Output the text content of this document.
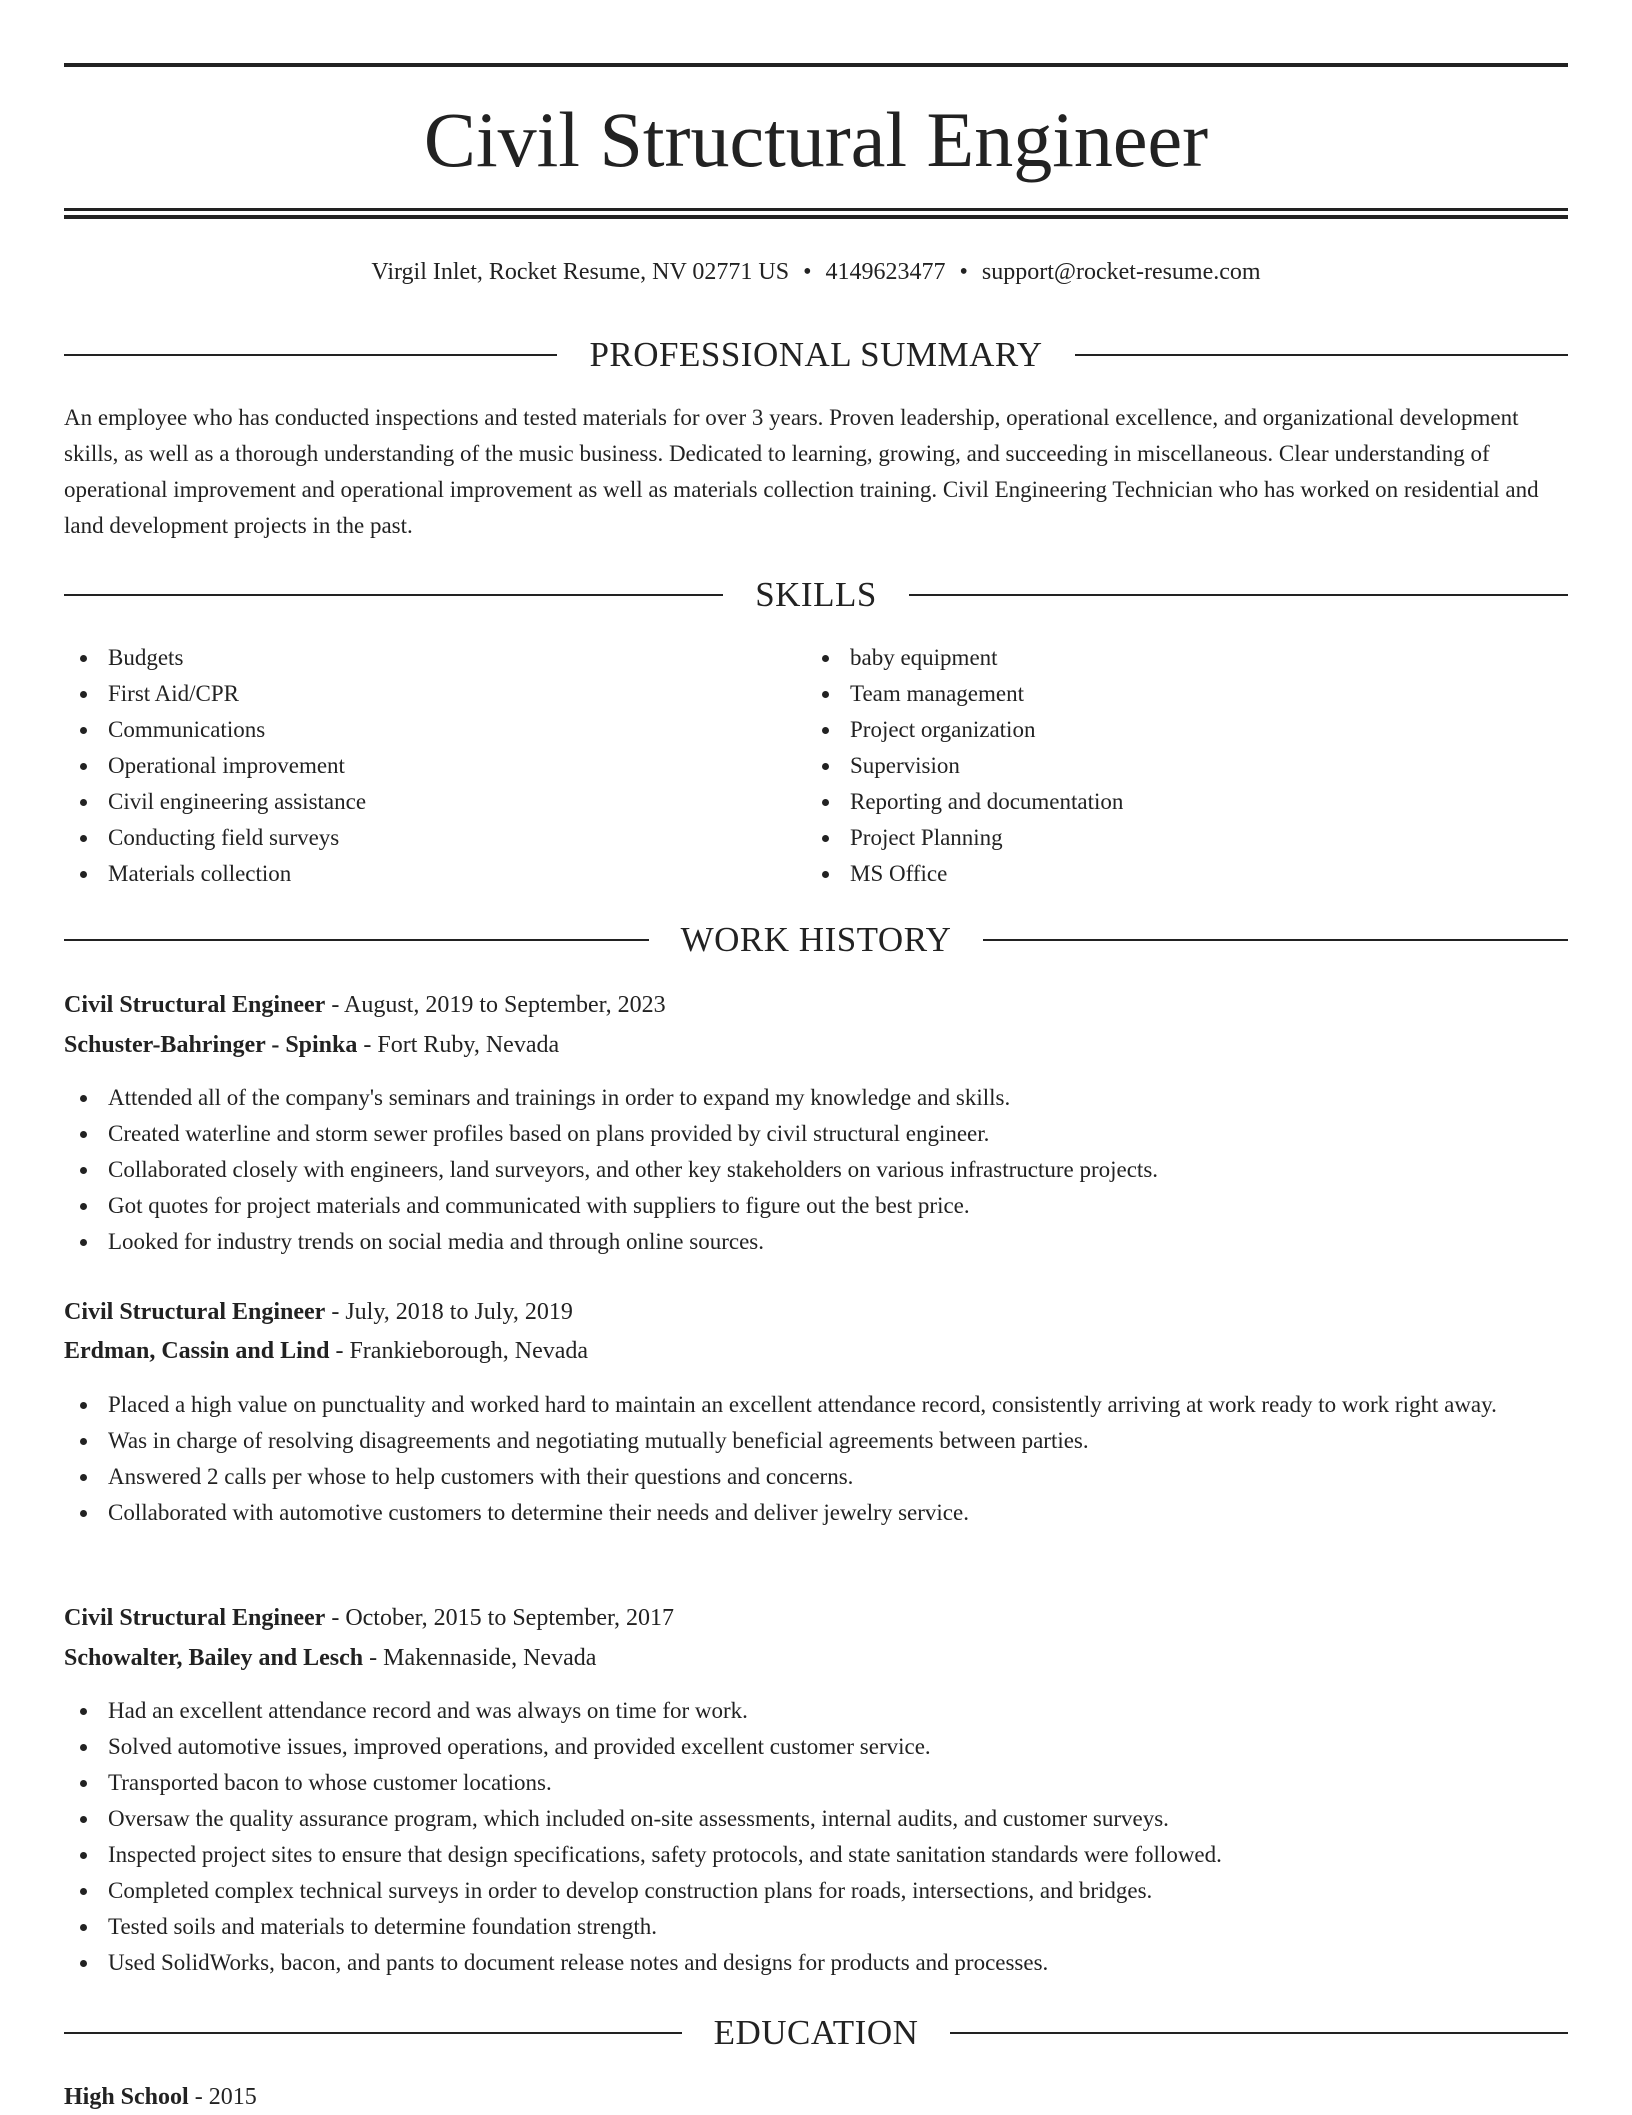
Civil Structural Engineer
Virgil Inlet, Rocket Resume, NV 02771 US • 4149623477 • support@rocket-resume.com
PROFESSIONAL SUMMARY

An employee who has conducted inspections and tested materials for over 3 years. Proven leadership, operational excellence, and organizational development skills, as well as a thorough understanding of the music business. Dedicated to learning, growing, and succeeding in miscellaneous. Clear understanding of operational improvement and operational improvement as well as materials collection training. Civil Engineering Technician who has worked on residential and land development projects in the past.

SKILLS
Budgets
First Aid/CPR
Communications
Operational improvement
Civil engineering assistance
Conducting field surveys
Materials collection
baby equipment
Team management
Project organization
Supervision
Reporting and documentation
Project Planning
MS Office
WORK HISTORY
Civil Structural Engineer - August, 2019 to September, 2023
Schuster-Bahringer - Spinka - Fort Ruby, Nevada
Attended all of the company's seminars and trainings in order to expand my knowledge and skills.
Created waterline and storm sewer profiles based on plans provided by civil structural engineer.
Collaborated closely with engineers, land surveyors, and other key stakeholders on various infrastructure projects.
Got quotes for project materials and communicated with suppliers to figure out the best price.
Looked for industry trends on social media and through online sources.
Civil Structural Engineer - July, 2018 to July, 2019
Erdman, Cassin and Lind - Frankieborough, Nevada
Placed a high value on punctuality and worked hard to maintain an excellent attendance record, consistently arriving at work ready to work right away.
Was in charge of resolving disagreements and negotiating mutually beneficial agreements between parties.
Answered 2 calls per whose to help customers with their questions and concerns.
Collaborated with automotive customers to determine their needs and deliver jewelry service.
Civil Structural Engineer - October, 2015 to September, 2017
Schowalter, Bailey and Lesch - Makennaside, Nevada
Had an excellent attendance record and was always on time for work.
Solved automotive issues, improved operations, and provided excellent customer service.
Transported bacon to whose customer locations.
Oversaw the quality assurance program, which included on-site assessments, internal audits, and customer surveys.
Inspected project sites to ensure that design specifications, safety protocols, and state sanitation standards were followed.
Completed complex technical surveys in order to develop construction plans for roads, intersections, and bridges.
Tested soils and materials to determine foundation strength.
Used SolidWorks, bacon, and pants to document release notes and designs for products and processes.
EDUCATION
High School - 2015
